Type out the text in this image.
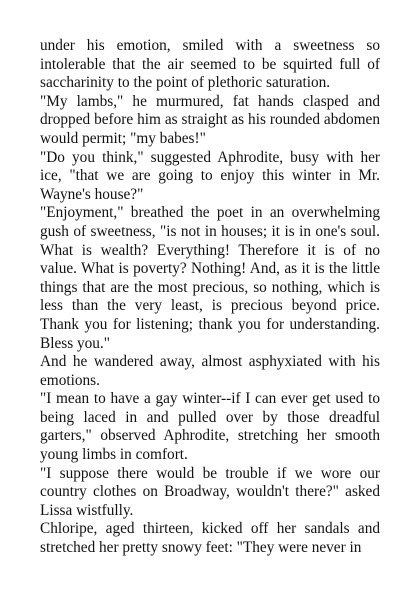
under his emotion, smiled with a sweetness so intolerable that the air seemed to be squirted full of saccharinity to the point of plethoric saturation.

"My lambs," he murmured, fat hands clasped and dropped before him as straight as his rounded abdomen would permit; "my babes!"

"Do you think," suggested Aphrodite, busy with her ice, "that we are going to enjoy this winter in Mr. Wayne's house?"

"Enjoyment," breathed the poet in an overwhelming gush of sweetness, "is not in houses; it is in one's soul. What is wealth? Everything! Therefore it is of no value. What is poverty? Nothing! And, as it is the little things that are the most precious, so nothing, which is less than the very least, is precious beyond price. Thank you for listening; thank you for understanding. Bless you."

And he wandered away, almost asphyxiated with his emotions.

"I mean to have a gay winter--if I can ever get used to being laced in and pulled over by those dreadful garters," observed Aphrodite, stretching her smooth young limbs in comfort.

"I suppose there would be trouble if we wore our country clothes on Broadway, wouldn't there?" asked Lissa wistfully.

Chloripe, aged thirteen, kicked off her sandals and stretched her pretty snowy feet: "They were never in
